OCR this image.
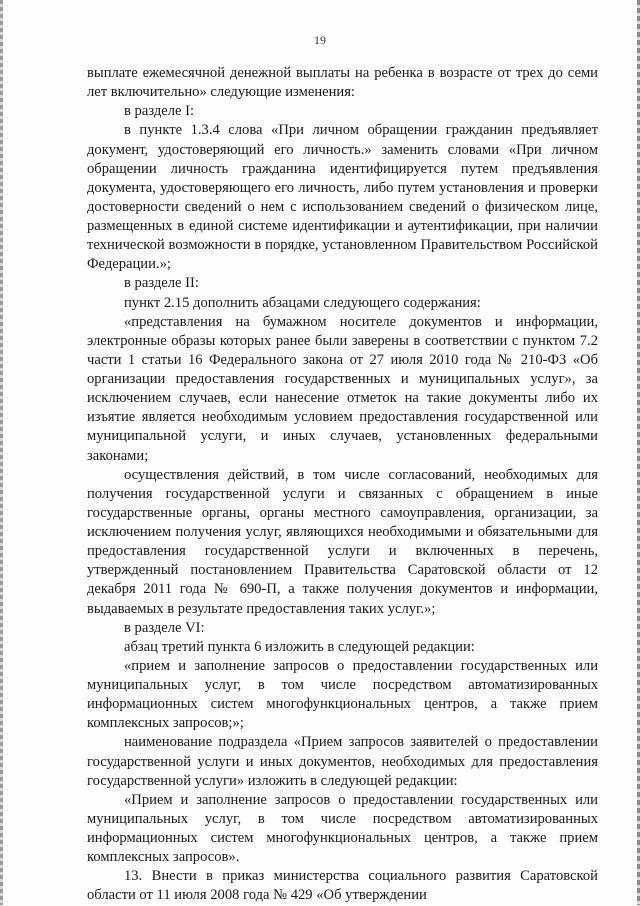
19

выплате ежемесячной денежной выплаты на ребенка в возрасте от трех до семи лет включительно» следующие изменения:

в разделе I:

в пункте 1.3.4 слова «При личном обращении гражданин предъявляет документ, удостоверяющий его личность.» заменить словами «При личном обращении личность гражданина идентифицируется путем предъявления документа, удостоверяющего его личность, либо путем установления и проверки достоверности сведений о нем с использованием сведений о физическом лице, размещенных в единой системе идентификации и аутентификации, при наличии технической возможности в порядке, установленном Правительством Российской Федерации.»;

в разделе II:

пункт 2.15 дополнить абзацами следующего содержания:

«представления на бумажном носителе документов и информации, электронные образы которых ранее были заверены в соответствии с пунктом 7.2 части 1 статьи 16 Федерального закона от 27 июля 2010 года № 210-ФЗ «Об организации предоставления государственных и муниципальных услуг», за исключением случаев, если нанесение отметок на такие документы либо их изъятие является необходимым условием предоставления государственной или муниципальной услуги, и иных случаев, установленных федеральными законами;

осуществления действий, в том числе согласований, необходимых для получения государственной услуги и связанных с обращением в иные государственные органы, органы местного самоуправления, организации, за исключением получения услуг, являющихся необходимыми и обязательными для предоставления государственной услуги и включенных в перечень, утвержденный постановлением Правительства Саратовской области от 12 декабря 2011 года № 690-П, а также получения документов и информации, выдаваемых в результате предоставления таких услуг.»;

в разделе VI:

абзац третий пункта 6 изложить в следующей редакции:

«прием и заполнение запросов о предоставлении государственных или муниципальных услуг, в том числе посредством автоматизированных информационных систем многофункциональных центров, а также прием комплексных запросов;»;

наименование подраздела «Прием запросов заявителей о предоставлении государственной услуги и иных документов, необходимых для предоставления государственной услуги» изложить в следующей редакции:

«Прием и заполнение запросов о предоставлении государственных или муниципальных услуг, в том числе посредством автоматизированных информационных систем многофункциональных центров, а также прием комплексных запросов».

13. Внести в приказ министерства социального развития Саратовской области от 11 июля 2008 года № 429 «Об утверждении
